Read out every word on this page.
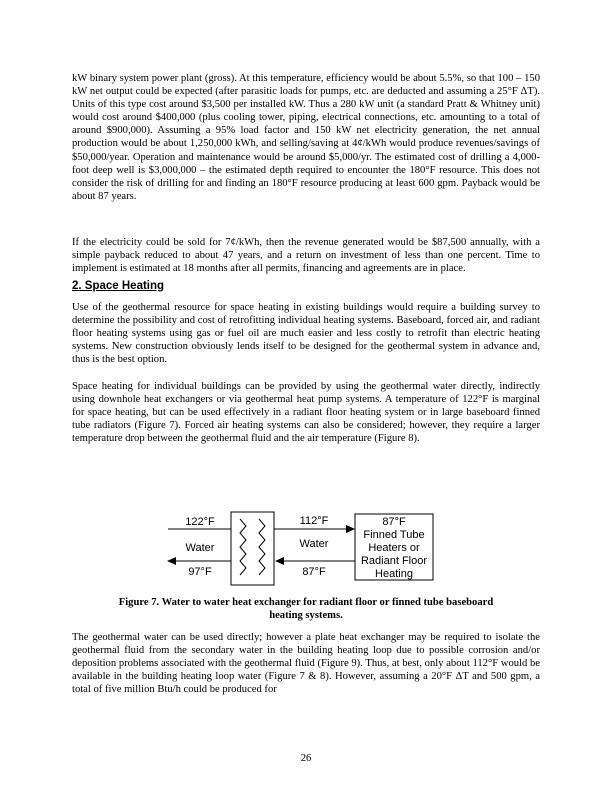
kW binary system power plant (gross). At this temperature, efficiency would be about 5.5%, so that 100 – 150 kW net output could be expected (after parasitic loads for pumps, etc. are deducted and assuming a 25°F ΔT). Units of this type cost around $3,500 per installed kW. Thus a 280 kW unit (a standard Pratt & Whitney unit) would cost around $400,000 (plus cooling tower, piping, electrical connections, etc. amounting to a total of around $900,000). Assuming a 95% load factor and 150 kW net electricity generation, the net annual production would be about 1,250,000 kWh, and selling/saving at 4¢/kWh would produce revenues/savings of $50,000/year. Operation and maintenance would be around $5,000/yr. The estimated cost of drilling a 4,000-foot deep well is $3,000,000 – the estimated depth required to encounter the 180°F resource. This does not consider the risk of drilling for and finding an 180°F resource producing at least 600 gpm. Payback would be about 87 years.

If the electricity could be sold for 7¢/kWh, then the revenue generated would be $87,500 annually, with a simple payback reduced to about 47 years, and a return on investment of less than one percent. Time to implement is estimated at 18 months after all permits, financing and agreements are in place.

2. Space Heating

Use of the geothermal resource for space heating in existing buildings would require a building survey to determine the possibility and cost of retrofitting individual heating systems. Baseboard, forced air, and radiant floor heating systems using gas or fuel oil are much easier and less costly to retrofit than electric heating systems. New construction obviously lends itself to be designed for the geothermal system in advance and, thus is the best option.

Space heating for individual buildings can be provided by using the geothermal water directly, indirectly using downhole heat exchangers or via geothermal heat pump systems. A temperature of 122°F is marginal for space heating, but can be used effectively in a radiant floor heating system or in large baseboard finned tube radiators (Figure 7). Forced air heating systems can also be considered; however, they require a larger temperature drop between the geothermal fluid and the air temperature (Figure 8).

122°F
Water
97°F
112°F
Water
87°F
87°F
Finned Tube
Heaters or
Radiant Floor
Heating
Figure 7. Water to water heat exchanger for radiant floor or finned tube baseboard
heating systems.

The geothermal water can be used directly; however a plate heat exchanger may be required to isolate the geothermal fluid from the secondary water in the building heating loop due to possible corrosion and/or deposition problems associated with the geothermal fluid (Figure 9). Thus, at best, only about 112°F would be available in the building heating loop water (Figure 7 & 8). However, assuming a 20°F ΔT and 500 gpm, a total of five million Btu/h could be produced for

26
